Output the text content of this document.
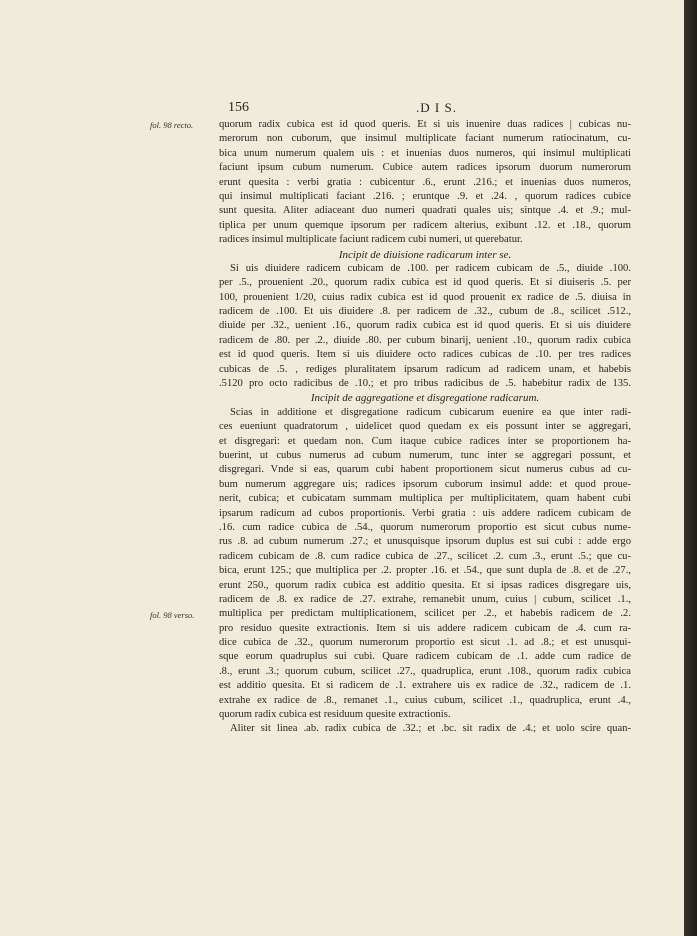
156	.D I S.
fol. 98 recto.
fol. 98 verso.
quorum radix cubica est id quod queris. Et si uis inuenire duas radices | cubicas nu-
merorum non cuborum, que insimul multiplicate faciant numerum ratiocinatum, cu-
bica unum numerum qualem uis : et inuenias duos numeros, qui insimul multiplicati
faciunt ipsum cubum numerum. Cubice autem radices ipsorum duorum numerorum
erunt quesita : verbi gratia : cubicentur .6., erunt .216.; et inuenias duos numeros,
qui insimul multiplicati faciant .216. ; eruntque .9. et .24. , quorum radices cubice
sunt quesita. Aliter adiaceant duo numeri quadrati quales uis; sintque .4. et .9.; mul-
tiplica per unum quemque ipsorum per radicem alterius, exibunt .12. et .18., quorum
radices insimul multiplicate faciunt radicem cubi numeri, ut querebatur.
Incipit de diuisione radicarum inter se.
Si uis diuidere radicem cubicam de .100. per radicem cubicam de .5., diuide .100.
per .5., prouenient .20., quorum radix cubica est id quod queris. Et si diuiseris .5. per
100, prouenient 1/20, cuius radix cubica est id quod prouenit ex radice de .5. diuisa in
radicem de .100. Et uis diuidere .8. per radicem de .32., cubum de .8., scilicet .512.,
diuide per .32., uenient .16., quorum radix cubica est id quod queris. Et si uis diuidere
radicem de .80. per .2., diuide .80. per cubum binarij, uenient .10., quorum radix cubica
est id quod queris. Item si uis diuidere octo radices cubicas de .10. per tres radices
cubicas de .5. , rediges pluralitatem ipsarum radicum ad radicem unam, et habebis
.5120 pro octo radicibus de .10.; et pro tribus radicibus de .5. habebitur radix de 135.
Incipit de aggregatione et disgregatione radicarum.
Scias in additione et disgregatione radicum cubicarum euenire ea que inter radi-
ces eueniunt quadratorum , uidelicet quod quedam ex eis possunt inter se aggregari,
et disgregari: et quedam non. Cum itaque cubice radices inter se proportionem ha-
buerint, ut cubus numerus ad cubum numerum, tunc inter se aggregari possunt, et
disgregari. Vnde si eas, quarum cubi habent proportionem sicut numerus cubus ad cu-
bum numerum aggregare uis; radices ipsorum cuborum insimul adde: et quod proue-
nerit, cubica; et cubicatam summam multiplica per multiplicitatem, quam habent cubi
ipsarum radicum ad cubos proportionis. Verbi gratia : uis addere radicem cubicam de
.16. cum radice cubica de .54., quorum numerorum proportio est sicut cubus nume-
rus .8. ad cubum numerum .27.; et unusquisque ipsorum duplus est sui cubi : adde ergo
radicem cubicam de .8. cum radice cubica de .27., scilicet .2. cum .3., erunt .5.; que cu-
bica, erunt 125.; que multiplica per .2. propter .16. et .54., que sunt dupla de .8. et de .27.,
erunt 250., quorum radix cubica est additio quesita. Et si ipsas radices disgregare uis,
radicem de .8. ex radice de .27. extrahe, remanebit unum, cuius | cubum, scilicet .1.,
multiplica per predictam multiplicationem, scilicet per .2., et habebis radicem de .2.
pro residuo quesite extractionis. Item si uis addere radicem cubicam de .4. cum ra-
dice cubica de .32., quorum numerorum proportio est sicut .1. ad .8.; et est unusqui-
sque eorum quadruplus sui cubi. Quare radicem cubicam de .1. adde cum radice de
.8., erunt .3.; quorum cubum, scilicet .27., quadruplica, erunt .108., quorum radix cubica
est additio quesita. Et si radicem de .1. extrahere uis ex radice de .32., radicem de .1.
extrahe ex radice de .8., remanet .1., cuius cubum, scilicet .1., quadruplica, erunt .4.,
quorum radix cubica est residuum quesite extractionis.
Aliter sit linea .ab. radix cubica de .32.; et .bc. sit radix de .4.; et uolo scire quan-
